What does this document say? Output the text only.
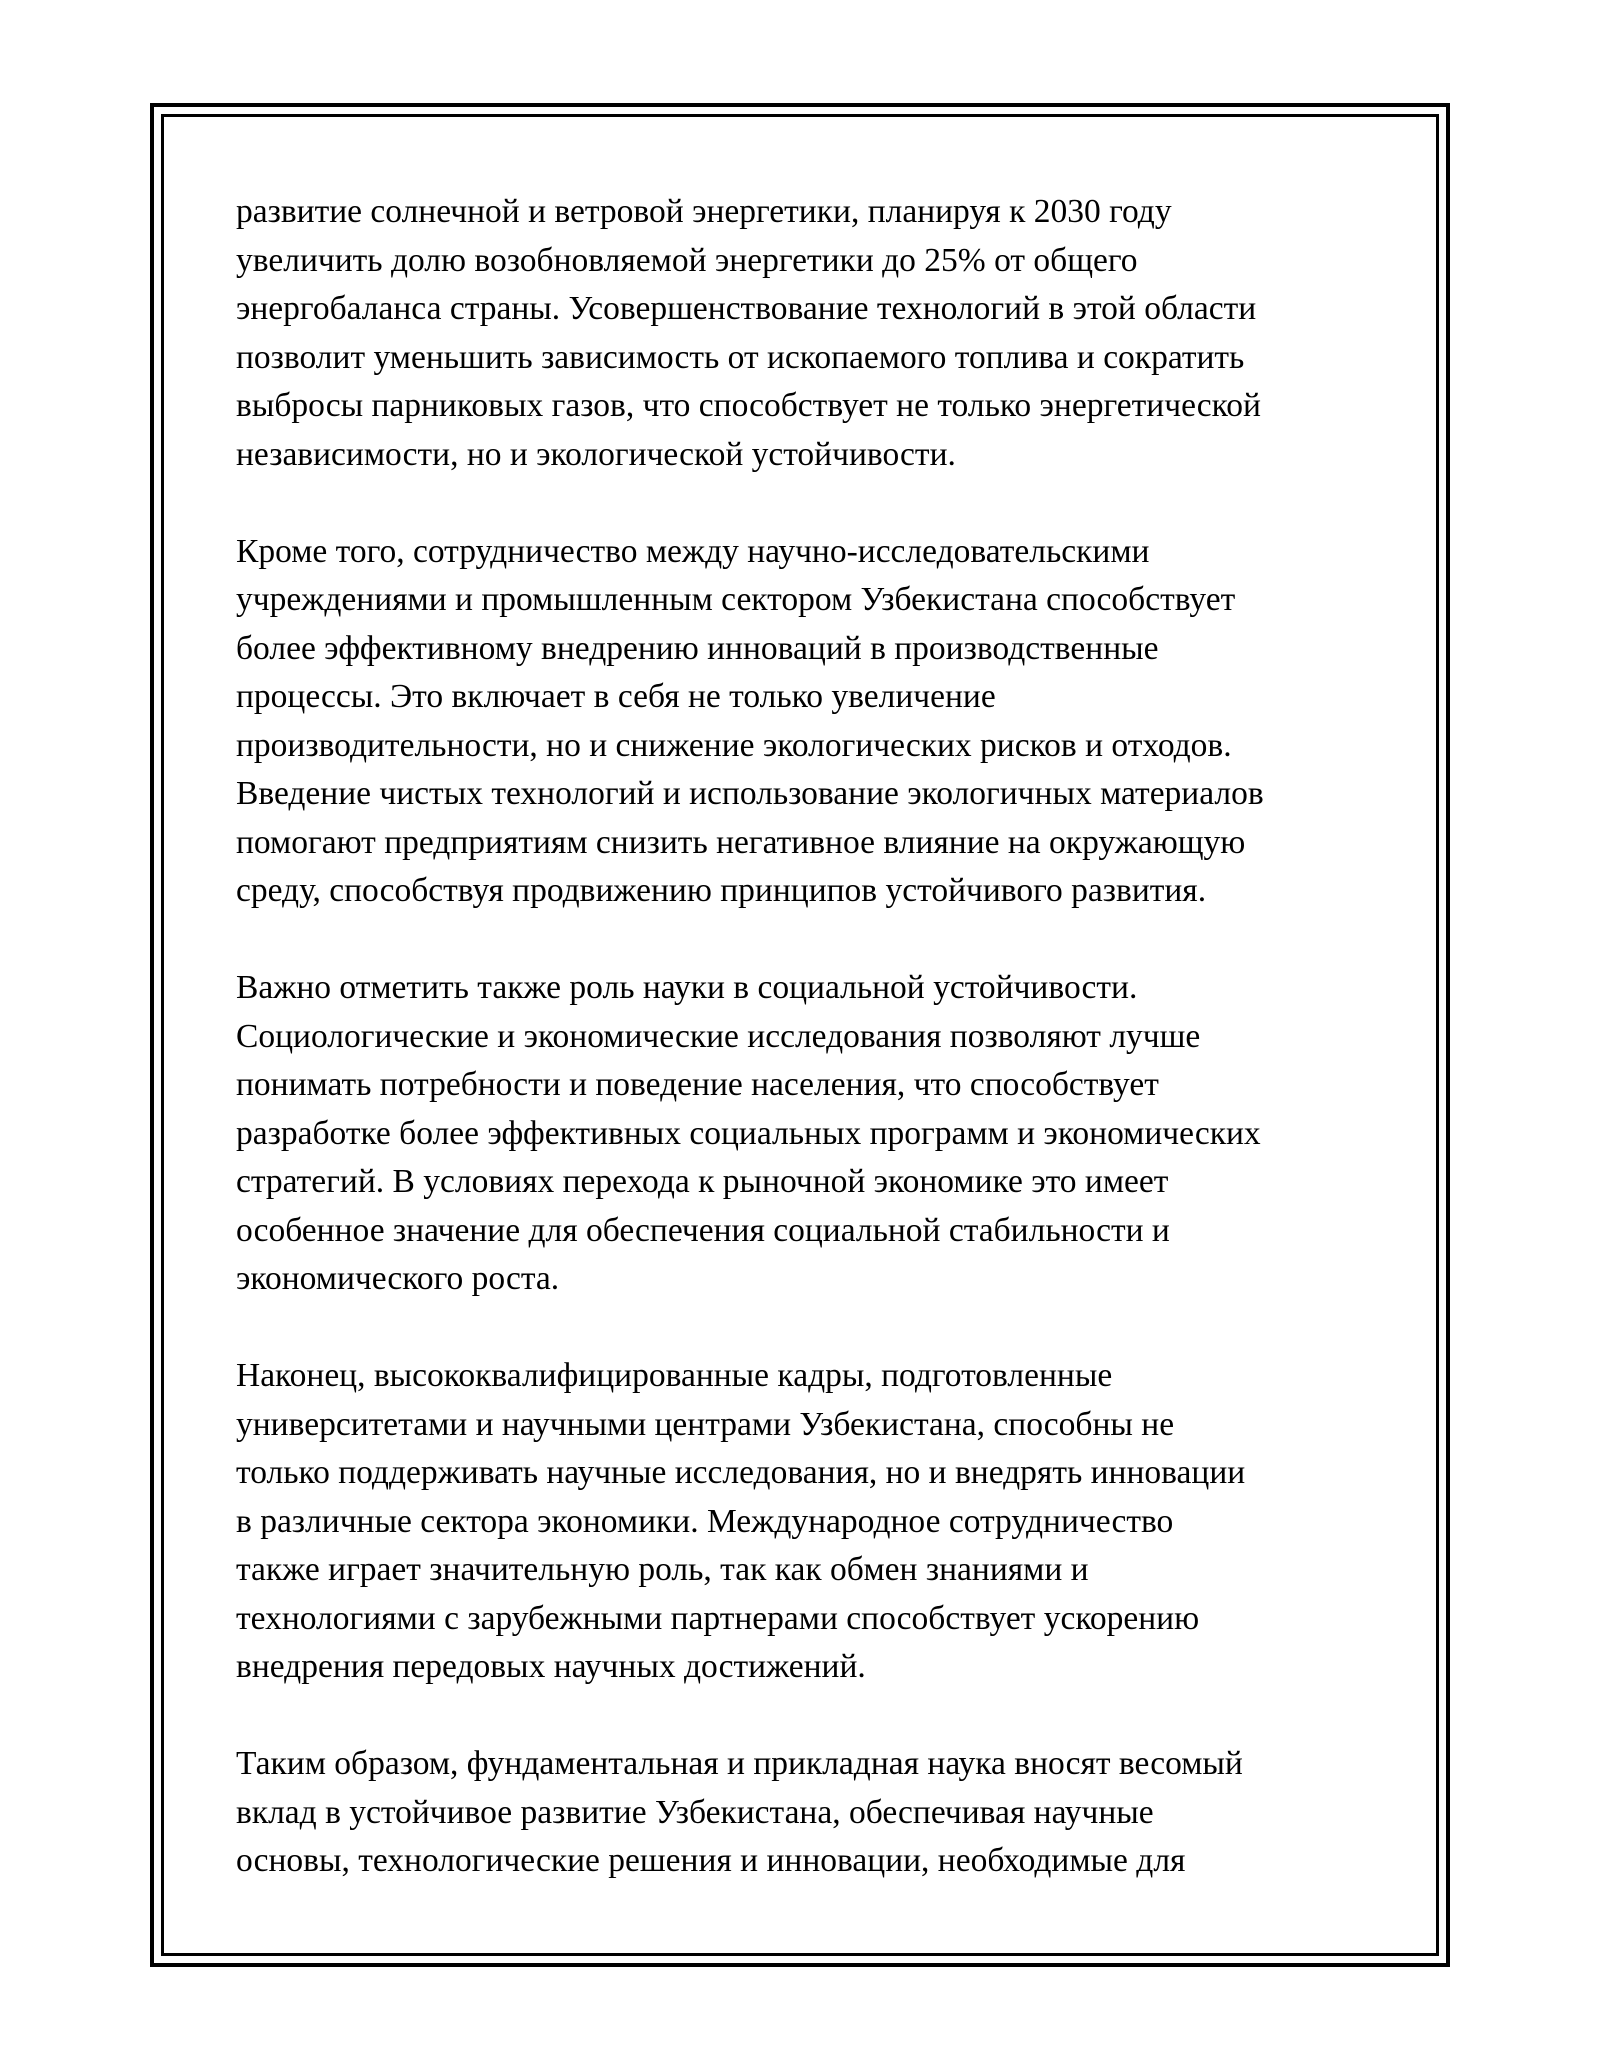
развитие солнечной и ветровой энергетики, планируя к 2030 году
увеличить долю возобновляемой энергетики до 25% от общего
энергобаланса страны. Усовершенствование технологий в этой области
позволит уменьшить зависимость от ископаемого топлива и сократить
выбросы парниковых газов, что способствует не только энергетической
независимости, но и экологической устойчивости.

Кроме того, сотрудничество между научно-исследовательскими
учреждениями и промышленным сектором Узбекистана способствует
более эффективному внедрению инноваций в производственные
процессы. Это включает в себя не только увеличение
производительности, но и снижение экологических рисков и отходов.
Введение чистых технологий и использование экологичных материалов
помогают предприятиям снизить негативное влияние на окружающую
среду, способствуя продвижению принципов устойчивого развития.

Важно отметить также роль науки в социальной устойчивости.
Социологические и экономические исследования позволяют лучше
понимать потребности и поведение населения, что способствует
разработке более эффективных социальных программ и экономических
стратегий. В условиях перехода к рыночной экономике это имеет
особенное значение для обеспечения социальной стабильности и
экономического роста.

Наконец, высококвалифицированные кадры, подготовленные
университетами и научными центрами Узбекистана, способны не
только поддерживать научные исследования, но и внедрять инновации
в различные сектора экономики. Международное сотрудничество
также играет значительную роль, так как обмен знаниями и
технологиями с зарубежными партнерами способствует ускорению
внедрения передовых научных достижений.

Таким образом, фундаментальная и прикладная наука вносят весомый
вклад в устойчивое развитие Узбекистана, обеспечивая научные
основы, технологические решения и инновации, необходимые для
